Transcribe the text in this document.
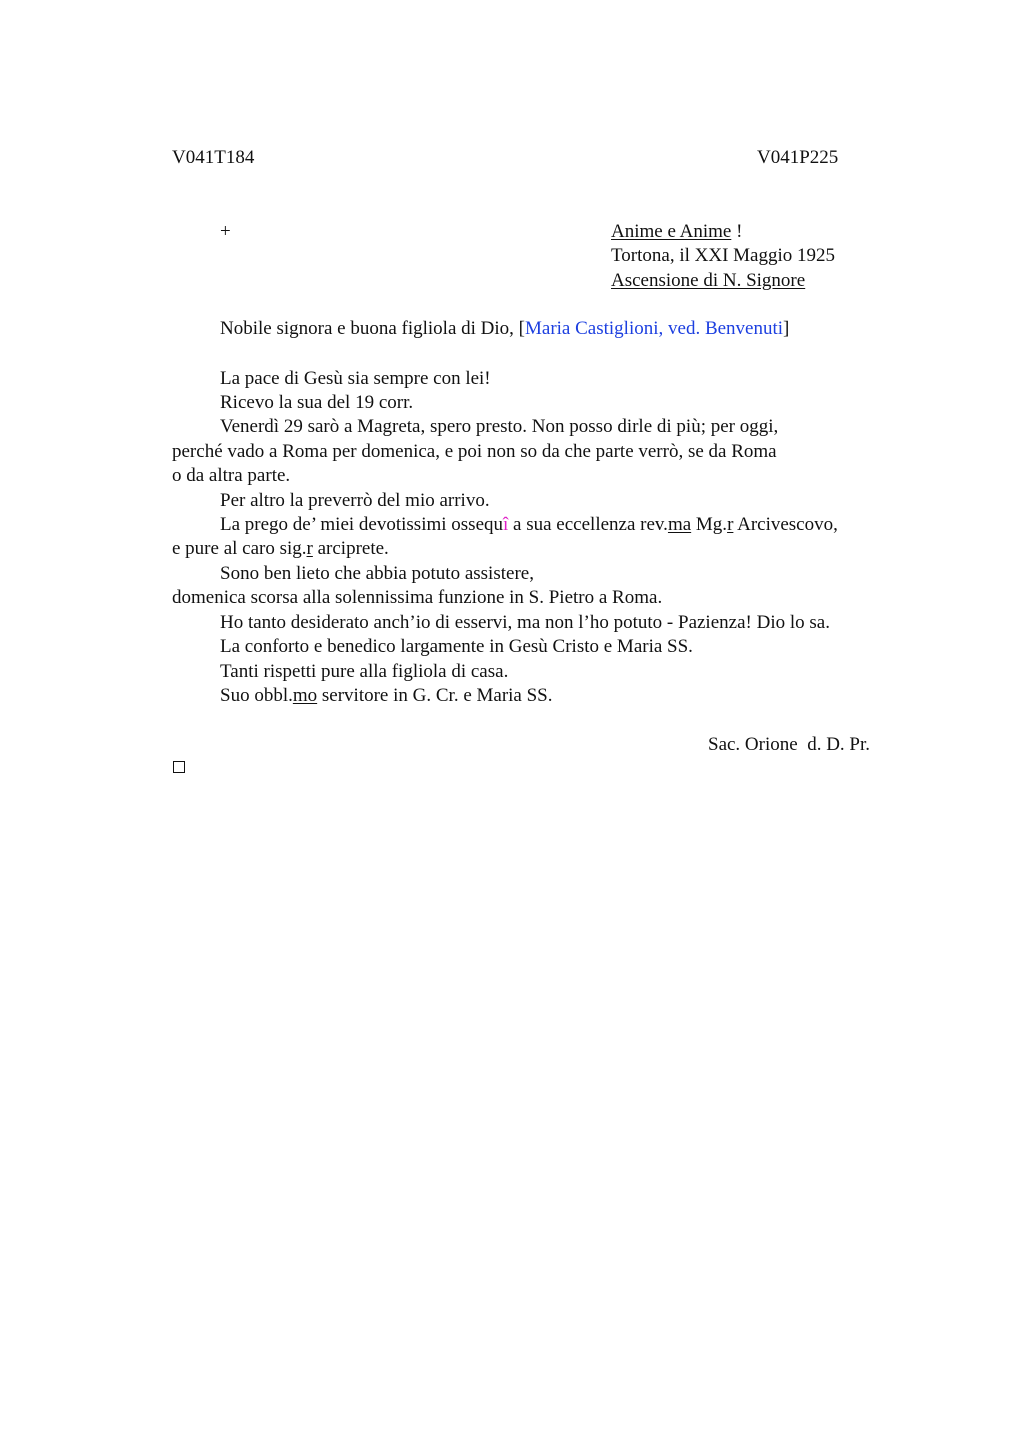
V041T184	V041P225
+	Anime e Anime !
Tortona, il XXI Maggio 1925
Ascensione di N. Signore
Nobile signora e buona figliola di Dio, [Maria Castiglioni, ved. Benvenuti]
La pace di Gesù sia sempre con lei!
Ricevo la sua del 19 corr.
Venerdì 29 sarò a Magreta, spero presto. Non posso dirle di più; per oggi,
perché vado a Roma per domenica, e poi non so da che parte verrò, se da Roma
o da altra parte.
Per altro la preverrò del mio arrivo.
La prego de’ miei devotissimi ossequî a sua eccellenza rev.ma Mg.r Arcivescovo,
e pure al caro sig.r arciprete.
Sono ben lieto che abbia potuto assistere,
domenica scorsa alla solennissima funzione in S. Pietro a Roma.
Ho tanto desiderato anch’io di esservi, ma non l’ho potuto - Pazienza! Dio lo sa.
La conforto e benedico largamente in Gesù Cristo e Maria SS.
Tanti rispetti pure alla figliola di casa.
Suo obbl.mo servitore in G. Cr. e Maria SS.
Sac. Orione  d. D. Pr.
